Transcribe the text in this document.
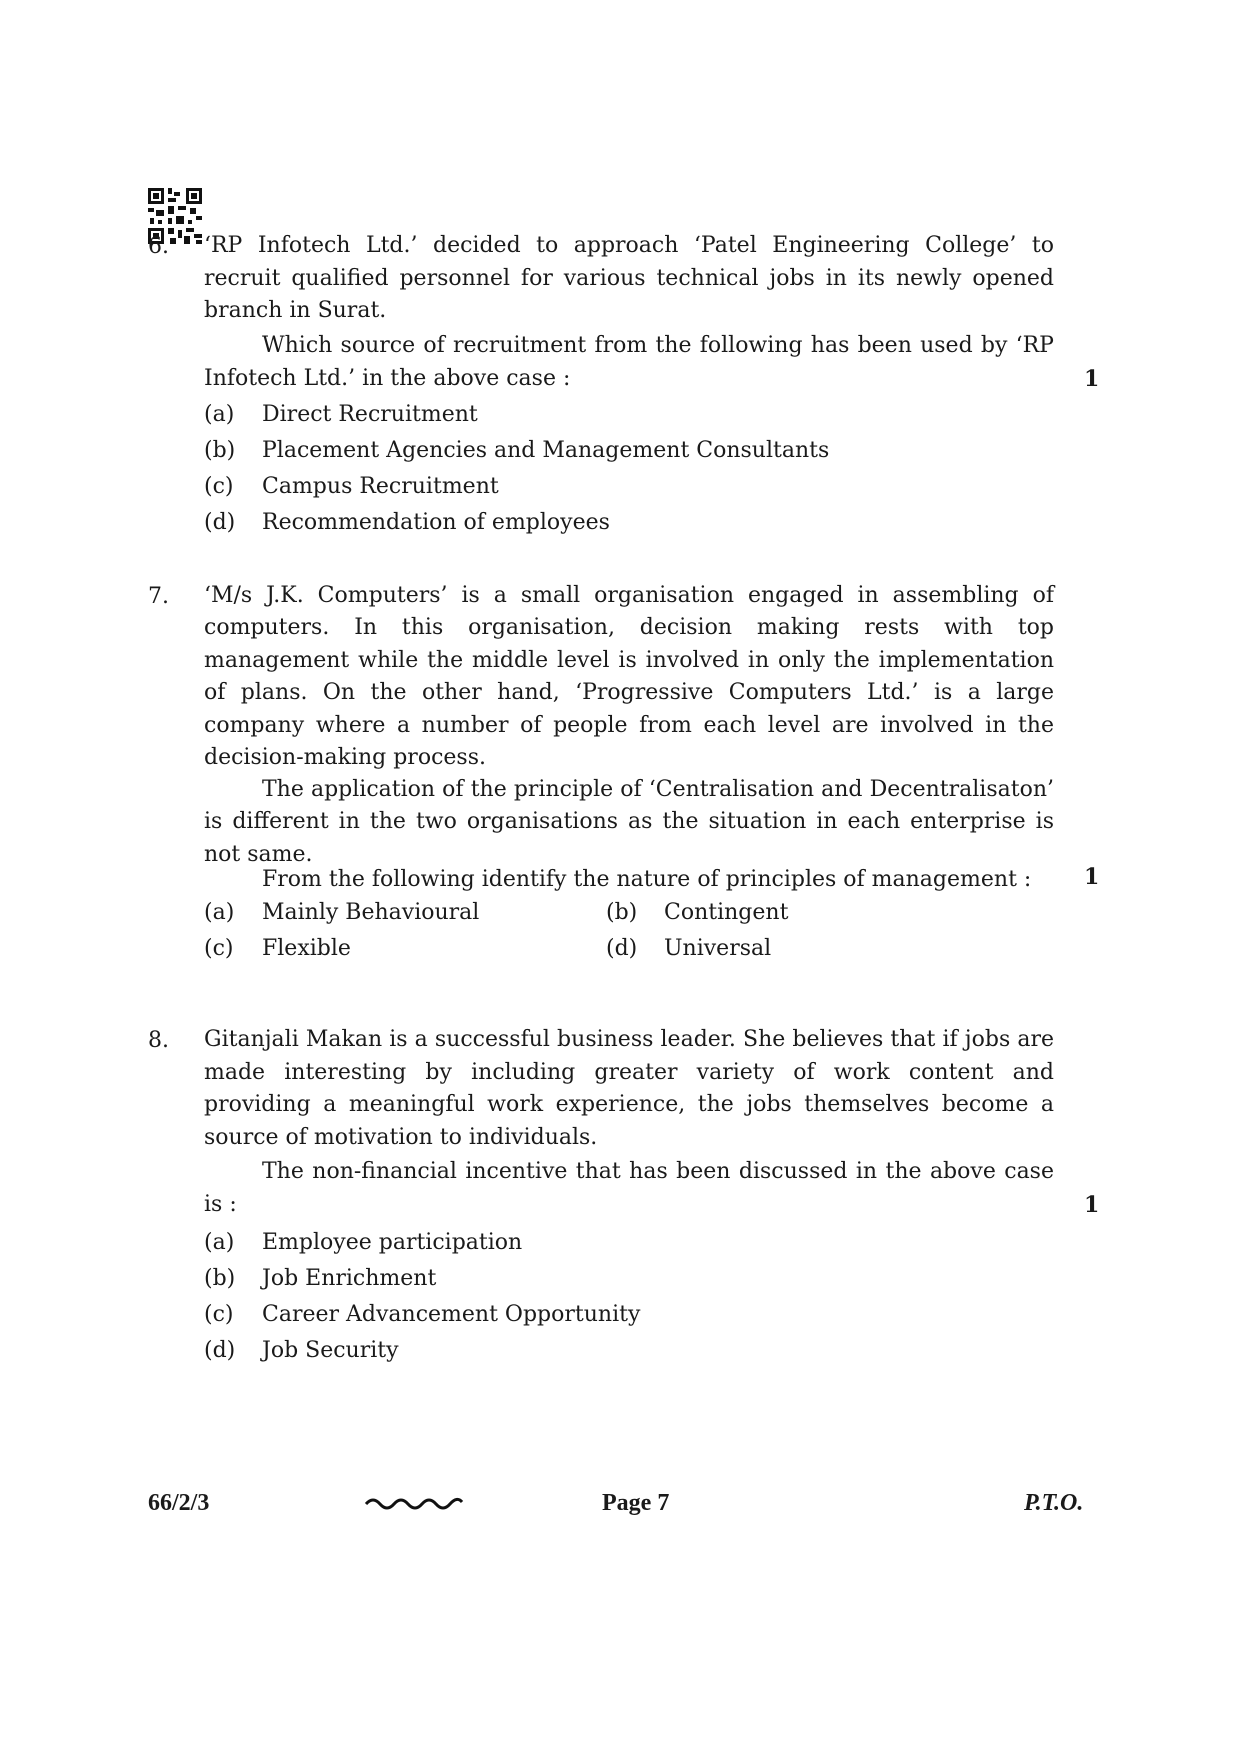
6. ‘RP Infotech Ltd.’ decided to approach ‘Patel Engineering College’ to recruit qualified personnel for various technical jobs in its newly opened branch in Surat.
Which source of recruitment from the following has been used by ‘RP Infotech Ltd.’ in the above case :	1
(a) Direct Recruitment
(b) Placement Agencies and Management Consultants
(c) Campus Recruitment
(d) Recommendation of employees
7. ‘M/s J.K. Computers’ is a small organisation engaged in assembling of computers. In this organisation, decision making rests with top management while the middle level is involved in only the implementation of plans. On the other hand, ‘Progressive Computers Ltd.’ is a large company where a number of people from each level are involved in the decision-making process.
The application of the principle of ‘Centralisation and Decentralisaton’ is different in the two organisations as the situation in each enterprise is not same.
From the following identify the nature of principles of management :	1
(a) Mainly Behavioural	(b) Contingent
(c) Flexible	(d) Universal
8. Gitanjali Makan is a successful business leader. She believes that if jobs are made interesting by including greater variety of work content and providing a meaningful work experience, the jobs themselves become a source of motivation to individuals.
The non-financial incentive that has been discussed in the above case is :	1
(a) Employee participation
(b) Job Enrichment
(c) Career Advancement Opportunity
(d) Job Security
66/2/3	Page 7	P.T.O.
